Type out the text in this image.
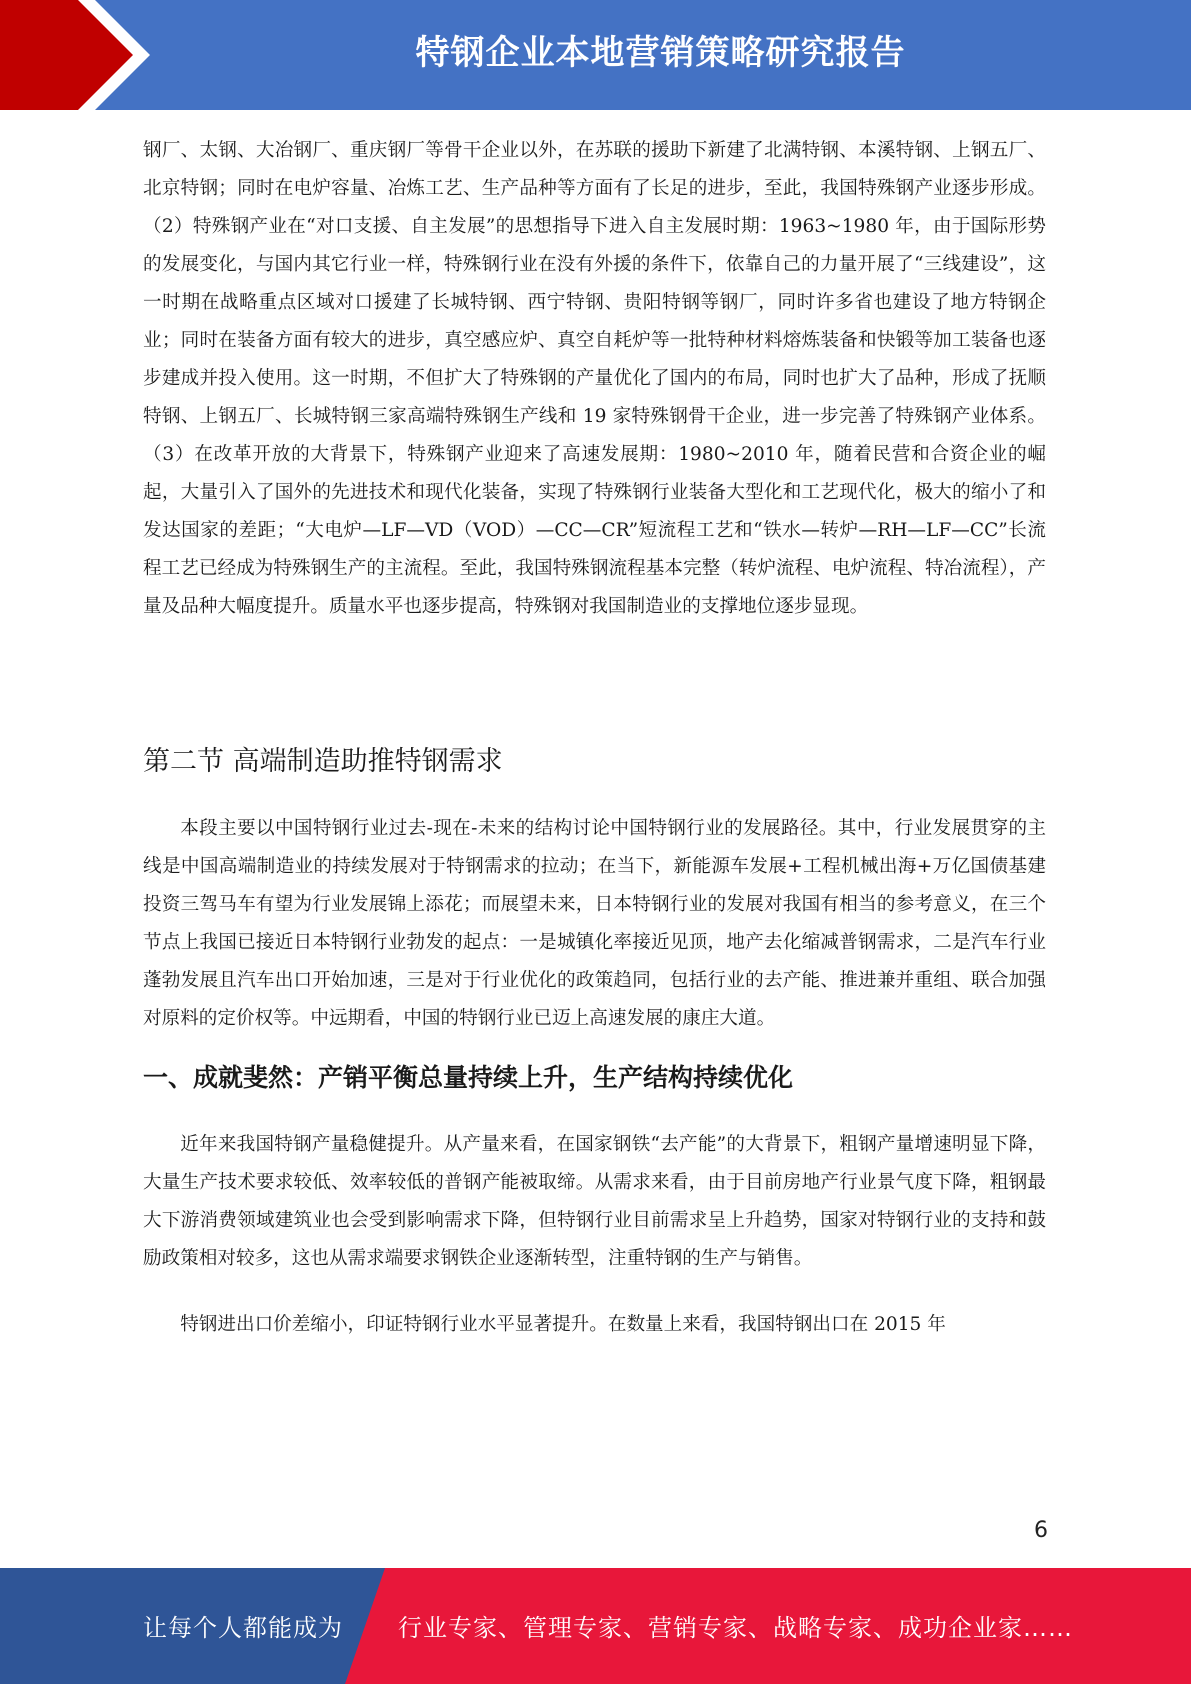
特钢企业本地营销策略研究报告

钢厂、太钢、大冶钢厂、重庆钢厂等骨干企业以外，在苏联的援助下新建了北满特钢、本溪特钢、上钢五厂、北京特钢；同时在电炉容量、冶炼工艺、生产品种等方面有了长足的进步，至此，我国特殊钢产业逐步形成。（2）特殊钢产业在“对口支援、自主发展”的思想指导下进入自主发展时期：1963~1980 年，由于国际形势的发展变化，与国内其它行业一样，特殊钢行业在没有外援的条件下，依靠自己的力量开展了“三线建设”，这一时期在战略重点区域对口援建了长城特钢、西宁特钢、贵阳特钢等钢厂，同时许多省也建设了地方特钢企业；同时在装备方面有较大的进步，真空感应炉、真空自耗炉等一批特种材料熔炼装备和快锻等加工装备也逐步建成并投入使用。这一时期，不但扩大了特殊钢的产量优化了国内的布局，同时也扩大了品种，形成了抚顺特钢、上钢五厂、长城特钢三家高端特殊钢生产线和 19 家特殊钢骨干企业，进一步完善了特殊钢产业体系。（3）在改革开放的大背景下，特殊钢产业迎来了高速发展期：1980~2010 年，随着民营和合资企业的崛起，大量引入了国外的先进技术和现代化装备，实现了特殊钢行业装备大型化和工艺现代化，极大的缩小了和发达国家的差距；“大电炉—LF—VD（VOD）—CC—CR”短流程工艺和“铁水—转炉—RH—LF—CC”长流程工艺已经成为特殊钢生产的主流程。至此，我国特殊钢流程基本完整（转炉流程、电炉流程、特冶流程），产量及品种大幅度提升。质量水平也逐步提高，特殊钢对我国制造业的支撑地位逐步显现。

第二节 高端制造助推特钢需求

本段主要以中国特钢行业过去-现在-未来的结构讨论中国特钢行业的发展路径。其中，行业发展贯穿的主线是中国高端制造业的持续发展对于特钢需求的拉动；在当下，新能源车发展+工程机械出海+万亿国债基建投资三驾马车有望为行业发展锦上添花；而展望未来，日本特钢行业的发展对我国有相当的参考意义，在三个节点上我国已接近日本特钢行业勃发的起点：一是城镇化率接近见顶，地产去化缩减普钢需求，二是汽车行业蓬勃发展且汽车出口开始加速，三是对于行业优化的政策趋同，包括行业的去产能、推进兼并重组、联合加强对原料的定价权等。中远期看，中国的特钢行业已迈上高速发展的康庄大道。

一、成就斐然：产销平衡总量持续上升，生产结构持续优化

近年来我国特钢产量稳健提升。从产量来看，在国家钢铁“去产能”的大背景下，粗钢产量增速明显下降，大量生产技术要求较低、效率较低的普钢产能被取缔。从需求来看，由于目前房地产行业景气度下降，粗钢最大下游消费领域建筑业也会受到影响需求下降，但特钢行业目前需求呈上升趋势，国家对特钢行业的支持和鼓励政策相对较多，这也从需求端要求钢铁企业逐渐转型，注重特钢的生产与销售。

特钢进出口价差缩小，印证特钢行业水平显著提升。在数量上来看，我国特钢出口在 2015 年

6
让每个人都能成为 行业专家、管理专家、营销专家、战略专家、成功企业家……
